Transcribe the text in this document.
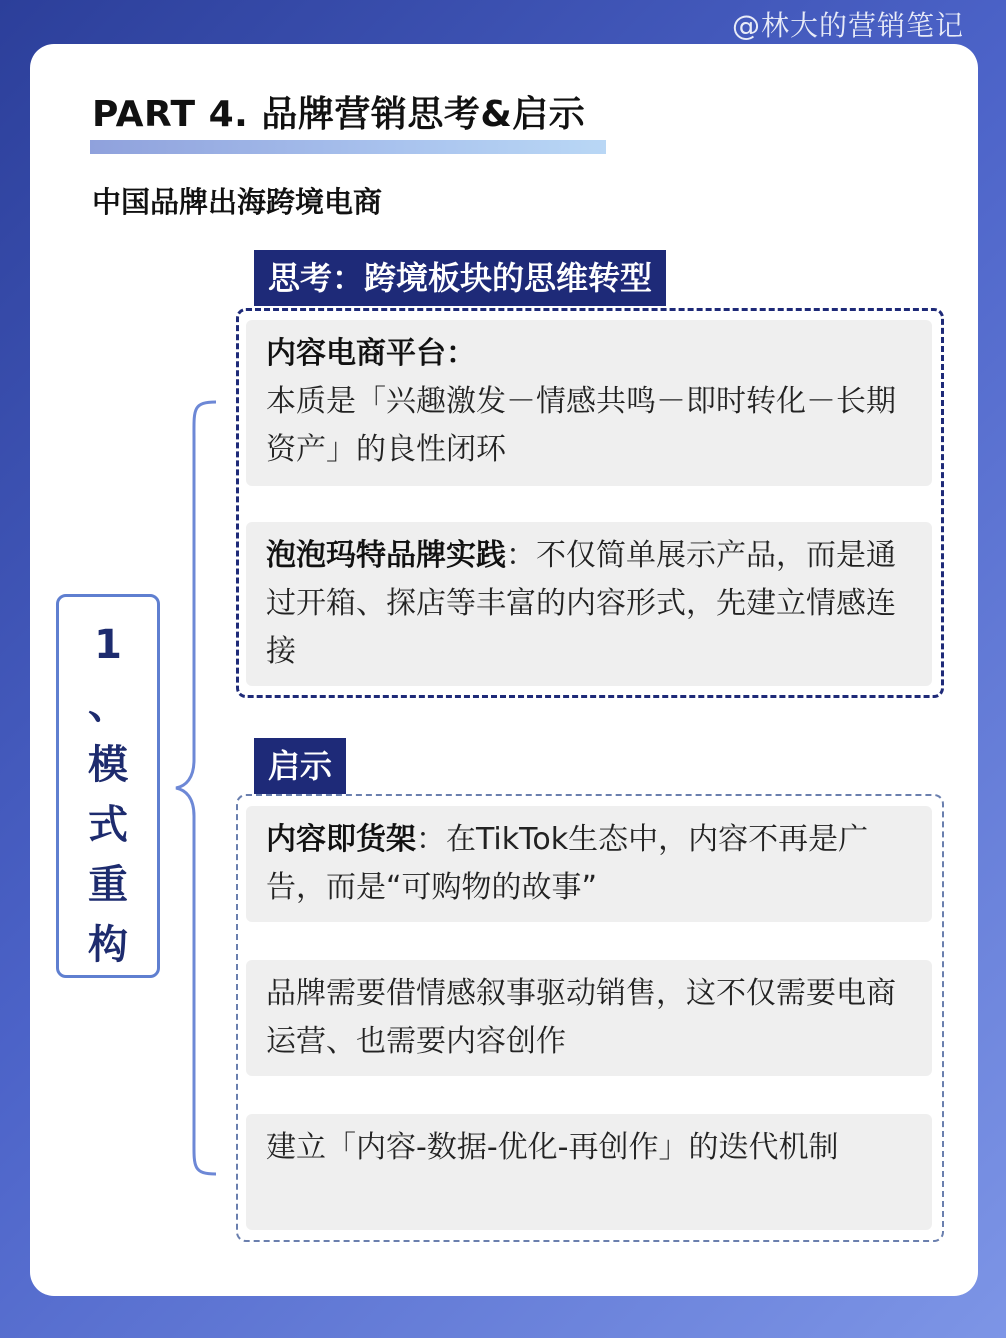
@林大的营销笔记
PART 4. 品牌营销思考&启示
中国品牌出海跨境电商
1
、
模
式
重
构
思考：跨境板块的思维转型
内容电商平台：
本质是「兴趣激发－情感共鸣－即时转化－长期资产」的良性闭环
泡泡玛特品牌实践：不仅简单展示产品，而是通过开箱、探店等丰富的内容形式，先建立情感连接
启示
内容即货架：在TikTok生态中，内容不再是广告，而是“可购物的故事”
品牌需要借情感叙事驱动销售，这不仅需要电商运营、也需要内容创作
建立「内容-数据-优化-再创作」的迭代机制
